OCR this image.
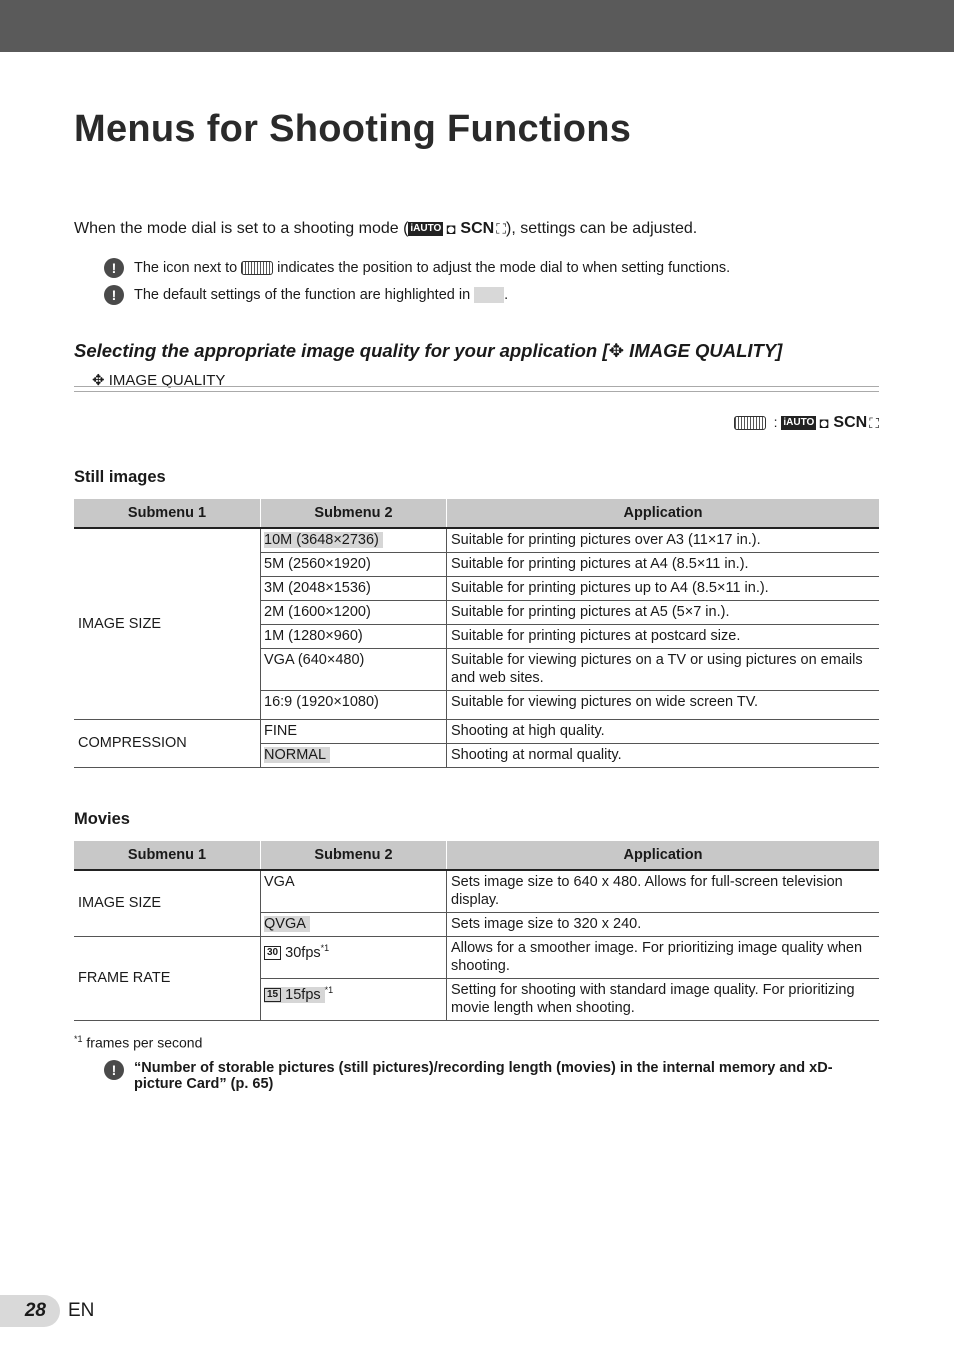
Menus for Shooting Functions
When the mode dial is set to a shooting mode ( iAUTO ◘ SCN ⛶), settings can be adjusted.
!	The icon next to	indicates the position to adjust the mode dial to when setting functions.
!	The default settings of the function are highlighted in .
Selecting the appropriate image quality for your application [✥ IMAGE QUALITY]
✥ IMAGE QUALITY
: iAUTO ◘ SCN ⛶
Still images
Submenu 1	Submenu 2	Application
IMAGE SIZE	10M (3648×2736)	Suitable for printing pictures over A3 (11×17 in.).
	5M (2560×1920)	Suitable for printing pictures at A4 (8.5×11 in.).
	3M (2048×1536)	Suitable for printing pictures up to A4 (8.5×11 in.).
	2M (1600×1200)	Suitable for printing pictures at A5 (5×7 in.).
	1M (1280×960)	Suitable for printing pictures at postcard size.
	VGA (640×480)	Suitable for viewing pictures on a TV or using pictures on emails and web sites.
	16:9 (1920×1080)	Suitable for viewing pictures on wide screen TV.
COMPRESSION	FINE	Shooting at high quality.
	NORMAL	Shooting at normal quality.
Movies
Submenu 1	Submenu 2	Application
IMAGE SIZE	VGA	Sets image size to 640 x 480. Allows for full-screen television display.
	QVGA	Sets image size to 320 x 240.
FRAME RATE	30 30fps$^{*1}$	Allows for a smoother image. For prioritizing image quality when shooting.
	15 15fps $^{*1}$	Setting for shooting with standard image quality. For prioritizing movie length when shooting.
$^{*1}$ frames per second
!	“Number of storable pictures (still pictures)/recording length (movies) in the internal memory and xD-picture Card” (p. 65)
28	EN
